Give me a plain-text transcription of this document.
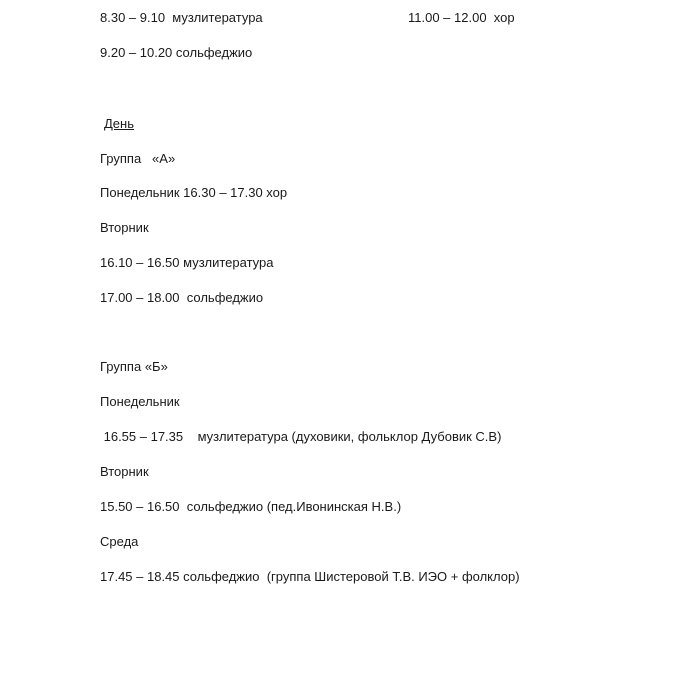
8.30 – 9.10  музлитература	11.00 – 12.00  хор
9.20 – 10.20 сольфеджио
День
Группа   «А»
Понедельник 16.30 – 17.30 хор
Вторник
16.10 – 16.50 музлитература
17.00 – 18.00  сольфеджио
Группа «Б»
Понедельник
16.55 – 17.35    музлитература (духовики, фольклор Дубовик С.В)
Вторник
15.50 – 16.50  сольфеджио (пед.Ивонинская Н.В.)
Среда
17.45 – 18.45 сольфеджио  (группа Шистеровой Т.В. ИЭО + фолклор)
